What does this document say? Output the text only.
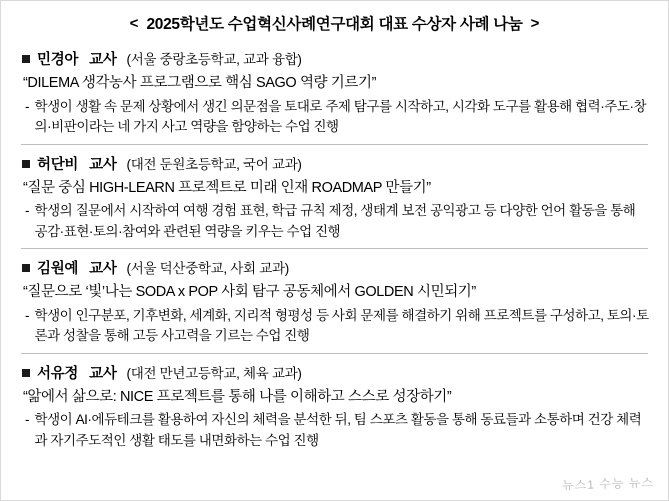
< 2025학년도 수업혁신사례연구대회 대표 수상자 사례 나눔 >
민경아 교사 (서울 중랑초등학교, 교과 융합)
“DILEMA 생각농사 프로그램으로 핵심 SAGO 역량 기르기”
- 학생이 생활 속 문제 상황에서 생긴 의문점을 토대로 주제 탐구를 시작하고, 시각화 도구를 활용해 협력·주도·창의·비판이라는 네 가지 사고 역량을 함양하는 수업 진행
허단비 교사 (대전 둔원초등학교, 국어 교과)
“질문 중심 HIGH-LEARN 프로젝트로 미래 인재 ROADMAP 만들기”
- 학생의 질문에서 시작하여 여행 경험 표현, 학급 규칙 제정, 생태계 보전 공익광고 등 다양한 언어 활동을 통해 공감·표현·토의·참여와 관련된 역량을 키우는 수업 진행
김원예 교사 (서울 덕산중학교, 사회 교과)
“질문으로 ‘빛’나는 SODA x POP 사회 탐구 공동체에서 GOLDEN 시민되기”
- 학생이 인구분포, 기후변화, 세계화, 지리적 형평성 등 사회 문제를 해결하기 위해 프로젝트를 구성하고, 토의·토론과 성찰을 통해 고등 사고력을 기르는 수업 진행
서유정 교사 (대전 만년고등학교, 체육 교과)
“앎에서 삶으로: NICE 프로젝트를 통해 나를 이해하고 스스로 성장하기”
- 학생이 AI·에듀테크를 활용하여 자신의 체력을 분석한 뒤, 팀 스포츠 활동을 통해 동료들과 소통하며 건강 체력과 자기주도적인 생활 태도를 내면화하는 수업 진행
뉴스1 수능 뉴스
